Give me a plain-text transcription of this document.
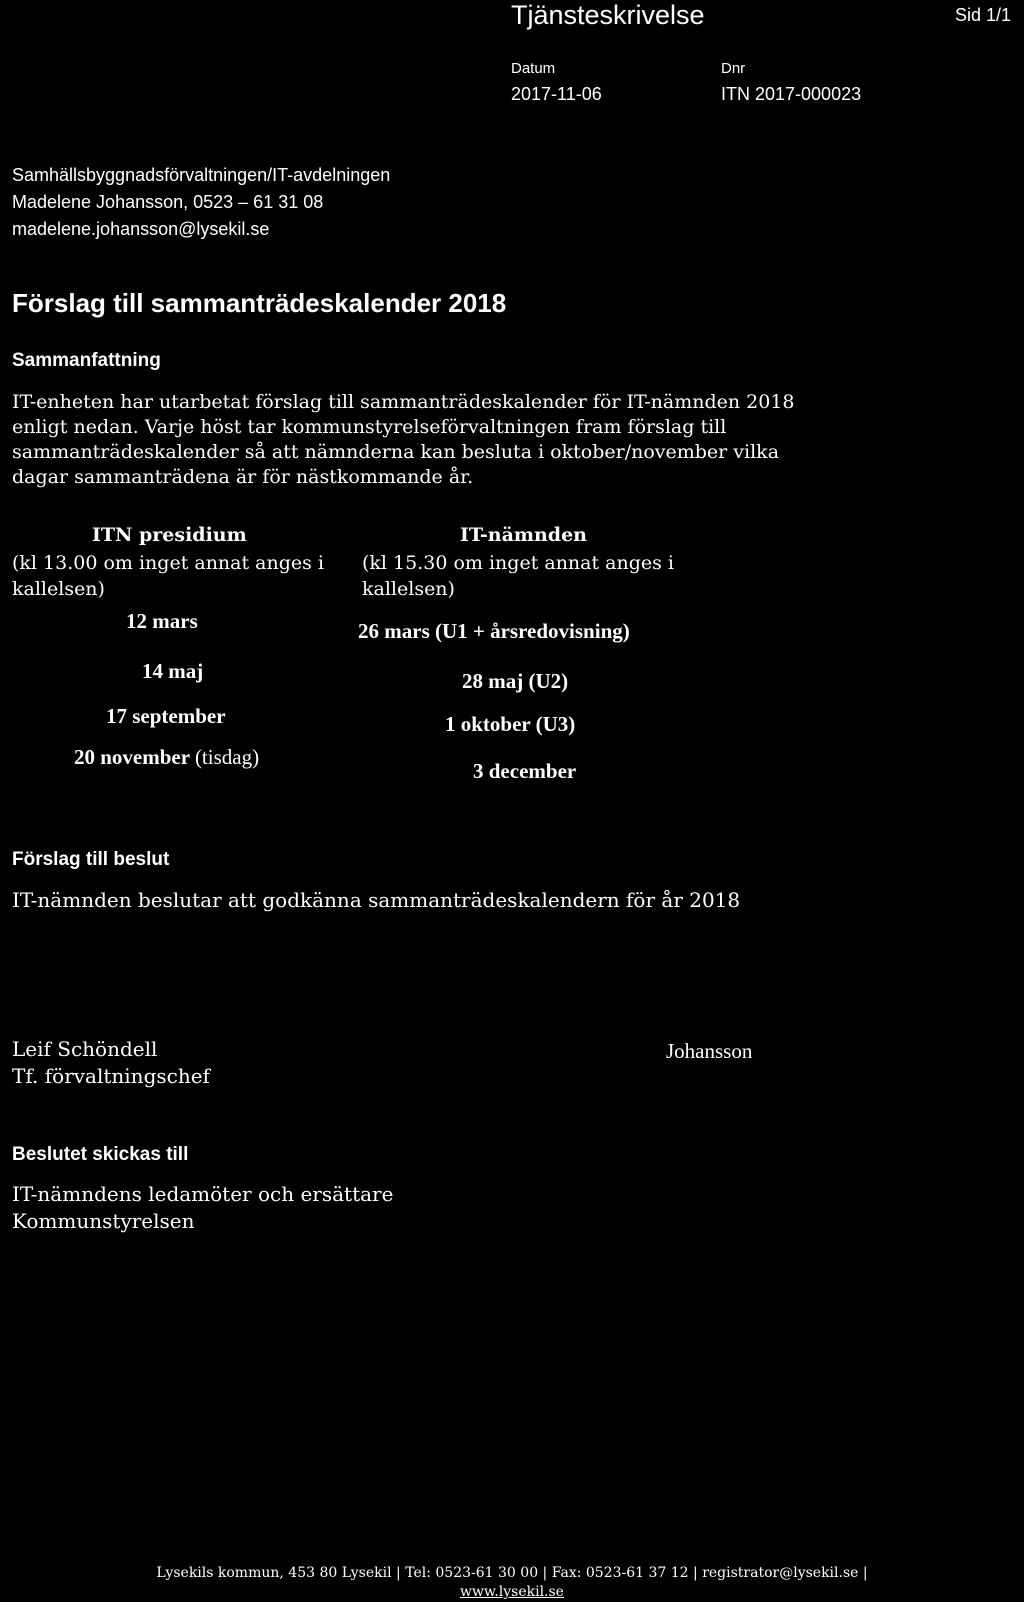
Tjänsteskrivelse	Sid 1/1
Datum
2017-11-06
Dnr
ITN 2017-000023
Samhällsbyggnadsförvaltningen/IT-avdelningen
Madelene Johansson, 0523 – 61 31 08
madelene.johansson@lysekil.se
Förslag till sammanträdeskalender 2018
Sammanfattning

IT-enheten har utarbetat förslag till sammanträdeskalender för IT-nämnden 2018

enligt nedan. Varje höst tar kommunstyrelseförvaltningen fram förslag till

sammanträdeskalender så att nämnderna kan besluta i oktober/november vilka

dagar sammanträdena är för nästkommande år.

ITN presidium
(kl 13.00 om inget annat anges i
kallelsen)
12 mars
14 maj
17 september
20 november (tisdag)
IT-nämnden
(kl 15.30 om inget annat anges i
kallelsen)
26 mars (U1 + årsredovisning)
28 maj (U2)
1 oktober (U3)
3 december
Förslag till beslut
IT-nämnden beslutar att godkänna sammanträdeskalendern för år 2018
Leif Schöndell
Tf. förvaltningschef
Johansson
Beslutet skickas till
IT-nämndens ledamöter och ersättare
Kommunstyrelsen
Lysekils kommun, 453 80 Lysekil | Tel: 0523-61 30 00 | Fax: 0523-61 37 12 | registrator@lysekil.se |
www.lysekil.se
